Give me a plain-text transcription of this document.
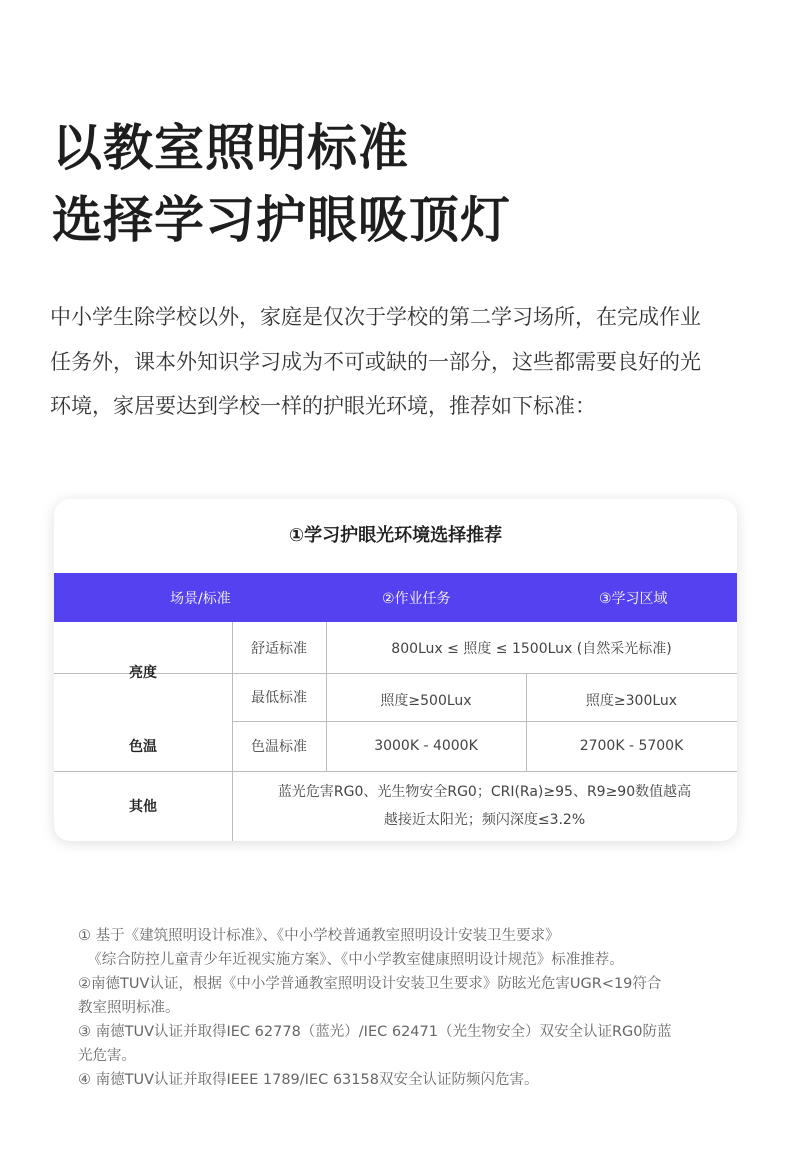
以教室照明标准
选择学习护眼吸顶灯
中小学生除学校以外，家庭是仅次于学校的第二学习场所，在完成作业
任务外，课本外知识学习成为不可或缺的一部分，这些都需要良好的光
环境，家居要达到学校一样的护眼光环境，推荐如下标准：
①学习护眼光环境选择推荐
场景/标准	②作业任务	③学习区域
亮度
舒适标准	800Lux ≤ 照度 ≤ 1500Lux (自然采光标准)
最低标准	照度≥500Lux	照度≥300Lux
色温	色温标准	3000K - 4000K	2700K - 5700K
其他
蓝光危害RG0、光生物安全RG0；CRI(Ra)≥95、R9≥90数值越高
越接近太阳光；频闪深度≤3.2%
① 基于《建筑照明设计标准》、《中小学校普通教室照明设计安装卫生要求》
《综合防控儿童青少年近视实施方案》、《中小学教室健康照明设计规范》标准推荐。
②南德TUV认证，根据《中小学普通教室照明设计安装卫生要求》防眩光危害UGR<19符合
教室照明标准。
③ 南德TUV认证并取得IEC 62778（蓝光）/IEC 62471（光生物安全）双安全认证RG0防蓝
光危害。
④ 南德TUV认证并取得IEEE 1789/IEC 63158双安全认证防频闪危害。
